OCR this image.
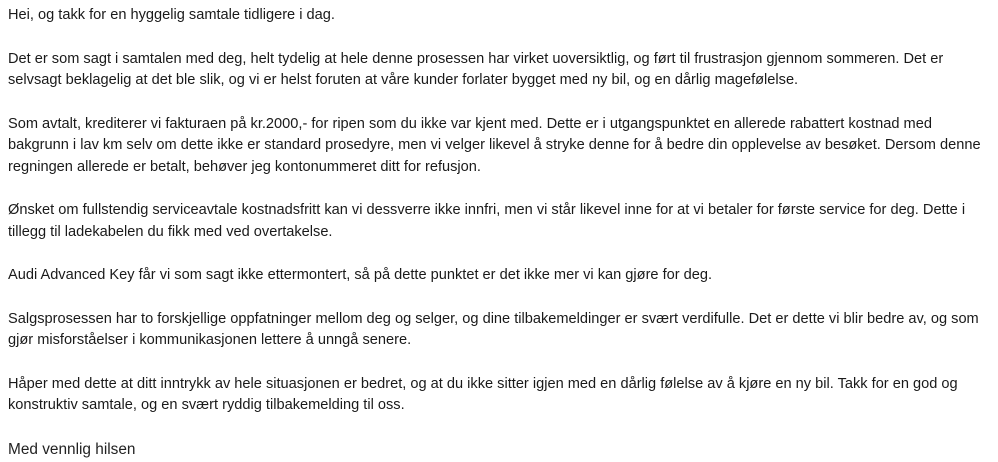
Hei, og takk for en hyggelig samtale tidligere i dag.

Det er som sagt i samtalen med deg, helt tydelig at hele denne prosessen har virket uoversiktlig, og ført til frustrasjon gjennom sommeren. Det er selvsagt beklagelig at det ble slik, og vi er helst foruten at våre kunder forlater bygget med ny bil, og en dårlig magefølelse.

Som avtalt, krediterer vi fakturaen på kr.2000,- for ripen som du ikke var kjent med. Dette er i utgangspunktet en allerede rabattert kostnad med bakgrunn i lav km selv om dette ikke er standard prosedyre, men vi velger likevel å stryke denne for å bedre din opplevelse av besøket. Dersom denne regningen allerede er betalt, behøver jeg kontonummeret ditt for refusjon.

Ønsket om fullstendig serviceavtale kostnadsfritt kan vi dessverre ikke innfri, men vi står likevel inne for at vi betaler for første service for deg. Dette i tillegg til ladekabelen du fikk med ved overtakelse.

Audi Advanced Key får vi som sagt ikke ettermontert, så på dette punktet er det ikke mer vi kan gjøre for deg.

Salgsprosessen har to forskjellige oppfatninger mellom deg og selger, og dine tilbakemeldinger er svært verdifulle. Det er dette vi blir bedre av, og som gjør misforståelser i kommunikasjonen lettere å unngå senere.

Håper med dette at ditt inntrykk av hele situasjonen er bedret, og at du ikke sitter igjen med en dårlig følelse av å kjøre en ny bil. Takk for en god og konstruktiv samtale, og en svært ryddig tilbakemelding til oss.

Med vennlig hilsen
